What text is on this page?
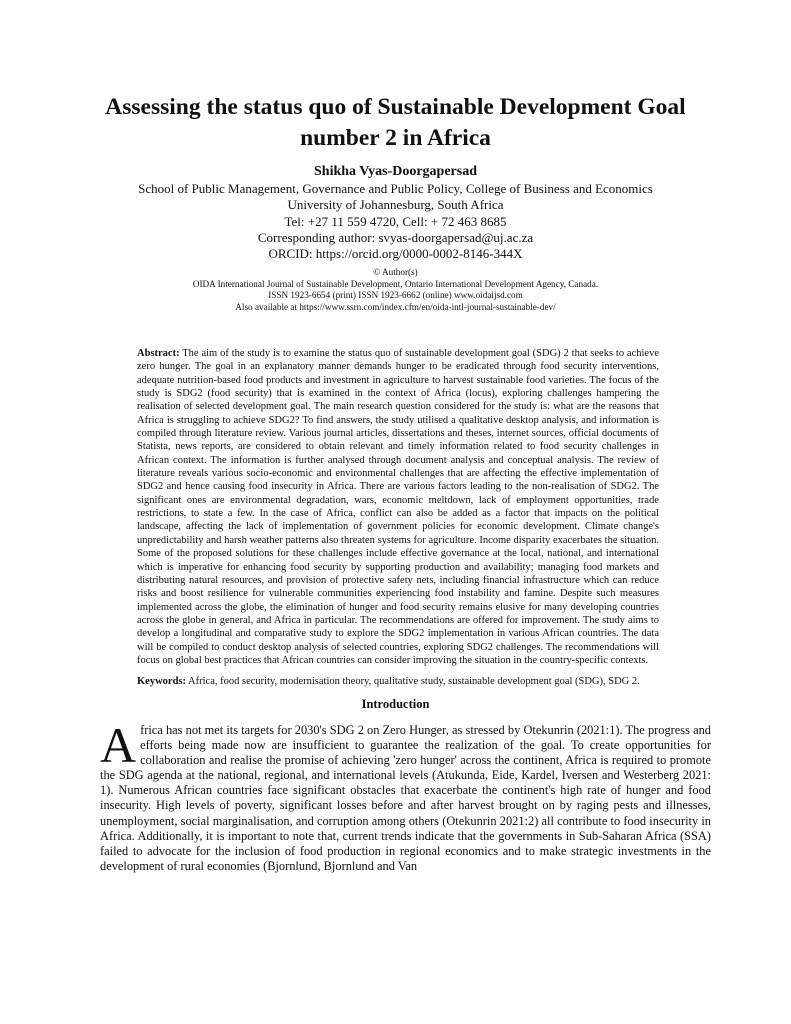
Assessing the status quo of Sustainable Development Goal
number 2 in Africa
Shikha Vyas-Doorgapersad
School of Public Management, Governance and Public Policy, College of Business and Economics
University of Johannesburg, South Africa
Tel: +27 11 559 4720, Cell: + 72 463 8685
Corresponding author: svyas-doorgapersad@uj.ac.za
ORCID: https://orcid.org/0000-0002-8146-344X
© Author(s)
OIDA International Journal of Sustainable Development, Ontario International Development Agency, Canada.
ISSN 1923-6654 (print) ISSN 1923-6662 (online) www.oidaijsd.com
Also available at https://www.ssrn.com/index.cfm/en/oida-intl-journal-sustainable-dev/

Abstract: The aim of the study is to examine the status quo of sustainable development goal (SDG) 2 that seeks to achieve zero hunger. The goal in an explanatory manner demands hunger to be eradicated through food security interventions, adequate nutrition-based food products and investment in agriculture to harvest sustainable food varieties. The focus of the study is SDG2 (food security) that is examined in the context of Africa (locus), exploring challenges hampering the realisation of selected development goal. The main research question considered for the study is: what are the reasons that Africa is struggling to achieve SDG2? To find answers, the study utilised a qualitative desktop analysis, and information is compiled through literature review. Various journal articles, dissertations and theses, internet sources, official documents of Statista, news reports, are considered to obtain relevant and timely information related to food security challenges in African context. The information is further analysed through document analysis and conceptual analysis. The review of literature reveals various socio-economic and environmental challenges that are affecting the effective implementation of SDG2 and hence causing food insecurity in Africa. There are various factors leading to the non-realisation of SDG2. The significant ones are environmental degradation, wars, economic meltdown, lack of employment opportunities, trade restrictions, to state a few. In the case of Africa, conflict can also be added as a factor that impacts on the political landscape, affecting the lack of implementation of government policies for economic development. Climate change's unpredictability and harsh weather patterns also threaten systems for agriculture. Income disparity exacerbates the situation. Some of the proposed solutions for these challenges include effective governance at the local, national, and international which is imperative for enhancing food security by supporting production and availability; managing food markets and distributing natural resources, and provision of protective safety nets, including financial infrastructure which can reduce risks and boost resilience for vulnerable communities experiencing food instability and famine. Despite such measures implemented across the globe, the elimination of hunger and food security remains elusive for many developing countries across the globe in general, and Africa in particular. The recommendations are offered for improvement. The study aims to develop a longitudinal and comparative study to explore the SDG2 implementation in various African countries. The data will be compiled to conduct desktop analysis of selected countries, exploring SDG2 challenges. The recommendations will focus on global best practices that African countries can consider improving the situation in the country-specific contexts.

Keywords: Africa, food security, modernisation theory, qualitative study, sustainable development goal (SDG), SDG 2.

Introduction

Africa has not met its targets for 2030's SDG 2 on Zero Hunger, as stressed by Otekunrin (2021:1). The progress and efforts being made now are insufficient to guarantee the realization of the goal. To create opportunities for collaboration and realise the promise of achieving 'zero hunger' across the continent, Africa is required to promote the SDG agenda at the national, regional, and international levels (Atukunda, Eide, Kardel, Iversen and Westerberg 2021: 1). Numerous African countries face significant obstacles that exacerbate the continent's high rate of hunger and food insecurity. High levels of poverty, significant losses before and after harvest brought on by raging pests and illnesses, unemployment, social marginalisation, and corruption among others (Otekunrin 2021:2) all contribute to food insecurity in Africa. Additionally, it is important to note that, current trends indicate that the governments in Sub-Saharan Africa (SSA) failed to advocate for the inclusion of food production in regional economics and to make strategic investments in the development of rural economies (Bjornlund, Bjornlund and Van
